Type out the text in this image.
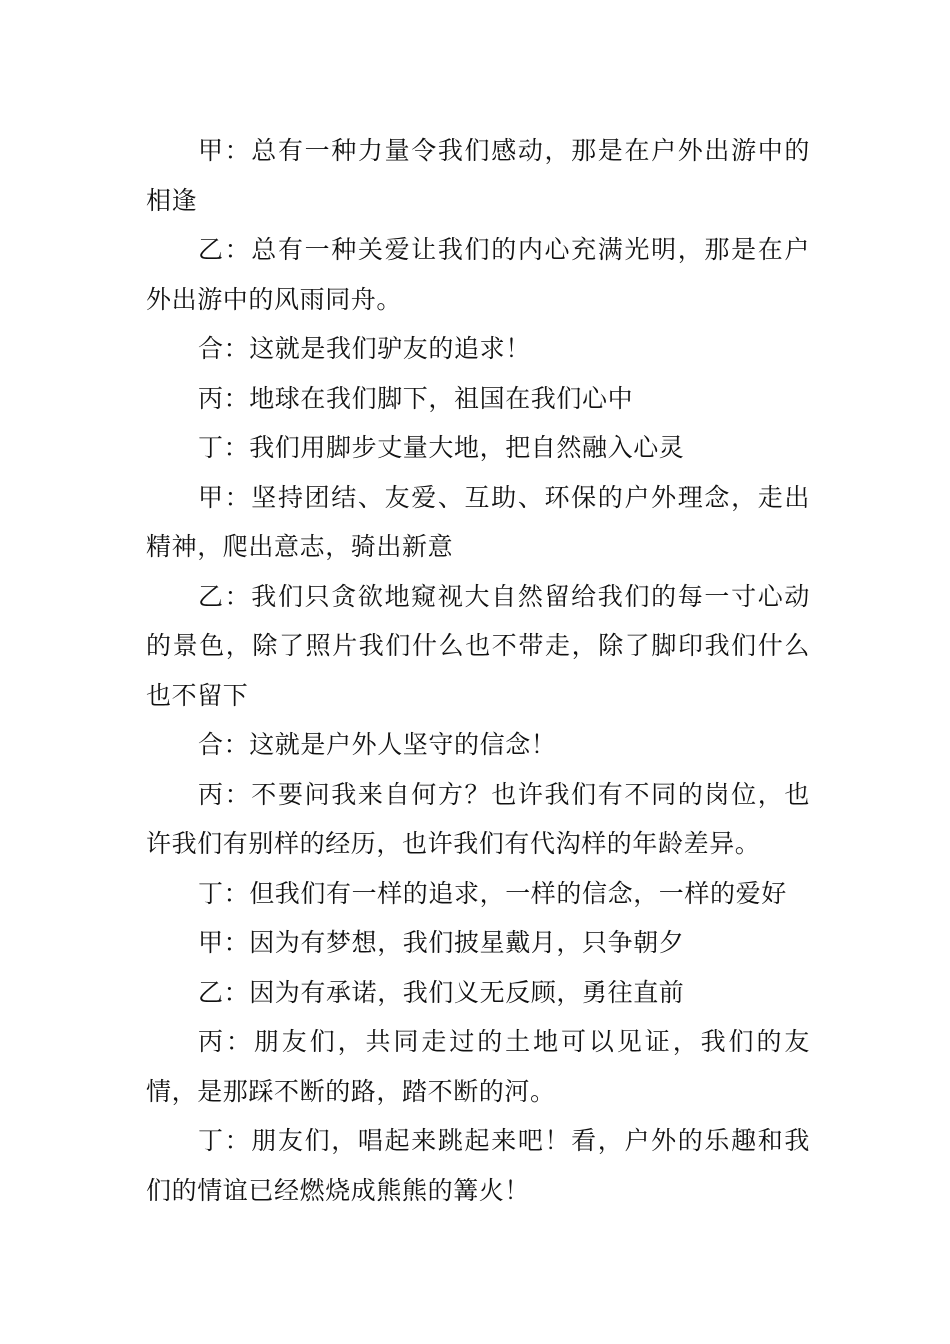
甲：总有一种力量令我们感动，那是在户外出游中的相逢

乙：总有一种关爱让我们的内心充满光明，那是在户外出游中的风雨同舟。

合：这就是我们驴友的追求！

丙：地球在我们脚下，祖国在我们心中

丁：我们用脚步丈量大地，把自然融入心灵

甲：坚持团结、友爱、互助、环保的户外理念，走出精神，爬出意志，骑出新意

乙：我们只贪欲地窥视大自然留给我们的每一寸心动的景色，除了照片我们什么也不带走，除了脚印我们什么也不留下

合：这就是户外人坚守的信念！

丙：不要问我来自何方？也许我们有不同的岗位，也许我们有别样的经历，也许我们有代沟样的年龄差异。

丁：但我们有一样的追求，一样的信念，一样的爱好

甲：因为有梦想，我们披星戴月，只争朝夕

乙：因为有承诺，我们义无反顾，勇往直前

丙：朋友们，共同走过的土地可以见证，我们的友情，是那踩不断的路，踏不断的河。

丁：朋友们，唱起来跳起来吧！看，户外的乐趣和我们的情谊已经燃烧成熊熊的篝火！
